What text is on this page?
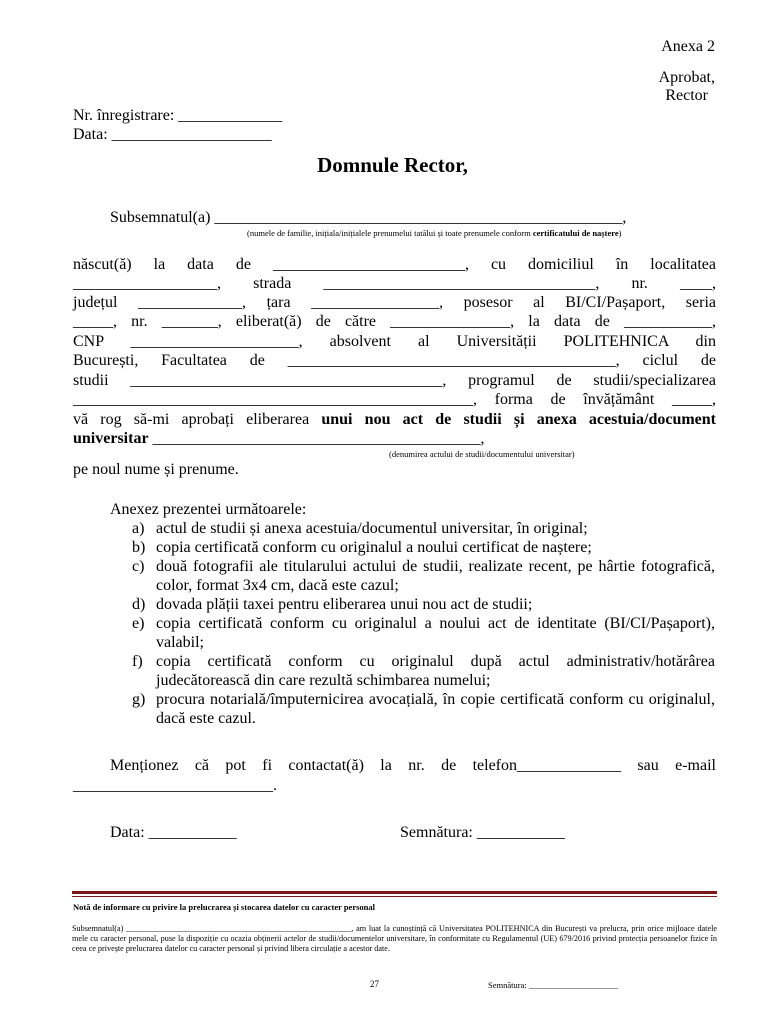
Anexa 2
Aprobat,
Rector
Nr. înregistrare: _____________
Data: ____________________
Domnule Rector,
Subsemnatul(a) ___________________________________________________,
(numele de familie, inițiala/inițialele prenumelui tatălui și toate prenumele conform certificatului de naștere)
născut(ă) la data de ________________________, cu domiciliul în localitatea
__________________, strada __________________________________, nr. ____,
județul _____________, țara ________________, posesor al BI/CI/Pașaport, seria
_____, nr. _______, eliberat(ă) de către _______________, la data de ___________,
CNP _____________________, absolvent al Universității POLITEHNICA din
București, Facultatea de _________________________________________, ciclul de
studii _______________________________________, programul de studii/specializarea
__________________________________________________, forma de învățământ _____,
vă rog să-mi aprobați eliberarea unui nou act de studii și anexa acestuia/document
universitar _________________________________________,
(denumirea actului de studii/documentului universitar)
pe noul nume și prenume.
Anexez prezentei următoarele:
a) actul de studii și anexa acestuia/documentul universitar, în original;
b) copia certificată conform cu originalul a noului certificat de naștere;
c) două fotografii ale titularului actului de studii, realizate recent, pe hârtie fotografică, color, format 3x4 cm, dacă este cazul;
d) dovada plății taxei pentru eliberarea unui nou act de studii;
e) copia certificată conform cu originalul a noului act de identitate (BI/CI/Pașaport), valabil;
f) copia certificată conform cu originalul după actul administrativ/hotărârea judecătorească din care rezultă schimbarea numelui;
g) procura notarială/împuternicirea avocațială, în copie certificată conform cu originalul, dacă este cazul.
Menționez că pot fi contactat(ă) la nr. de telefon_____________ sau e-mail
_________________________.
Data: ___________	Semnătura: ___________
Notă de informare cu privire la prelucrarea și stocarea datelor cu caracter personal
Subsemnatul(a) _______________________________________________________, am luat la cunoștință că Universitatea POLITEHNICA din București va prelucra, prin orice mijloace datele mele cu caracter personal, puse la dispoziție cu ocazia obținerii actelor de studii/documentelor universitare, în conformitate cu Regulamentul (UE) 679/2016 privind protecția persoanelor fizice în ceea ce privește prelucrarea datelor cu caracter personal și privind libera circulație a acestor date.
27	Semnătura: _____________________
